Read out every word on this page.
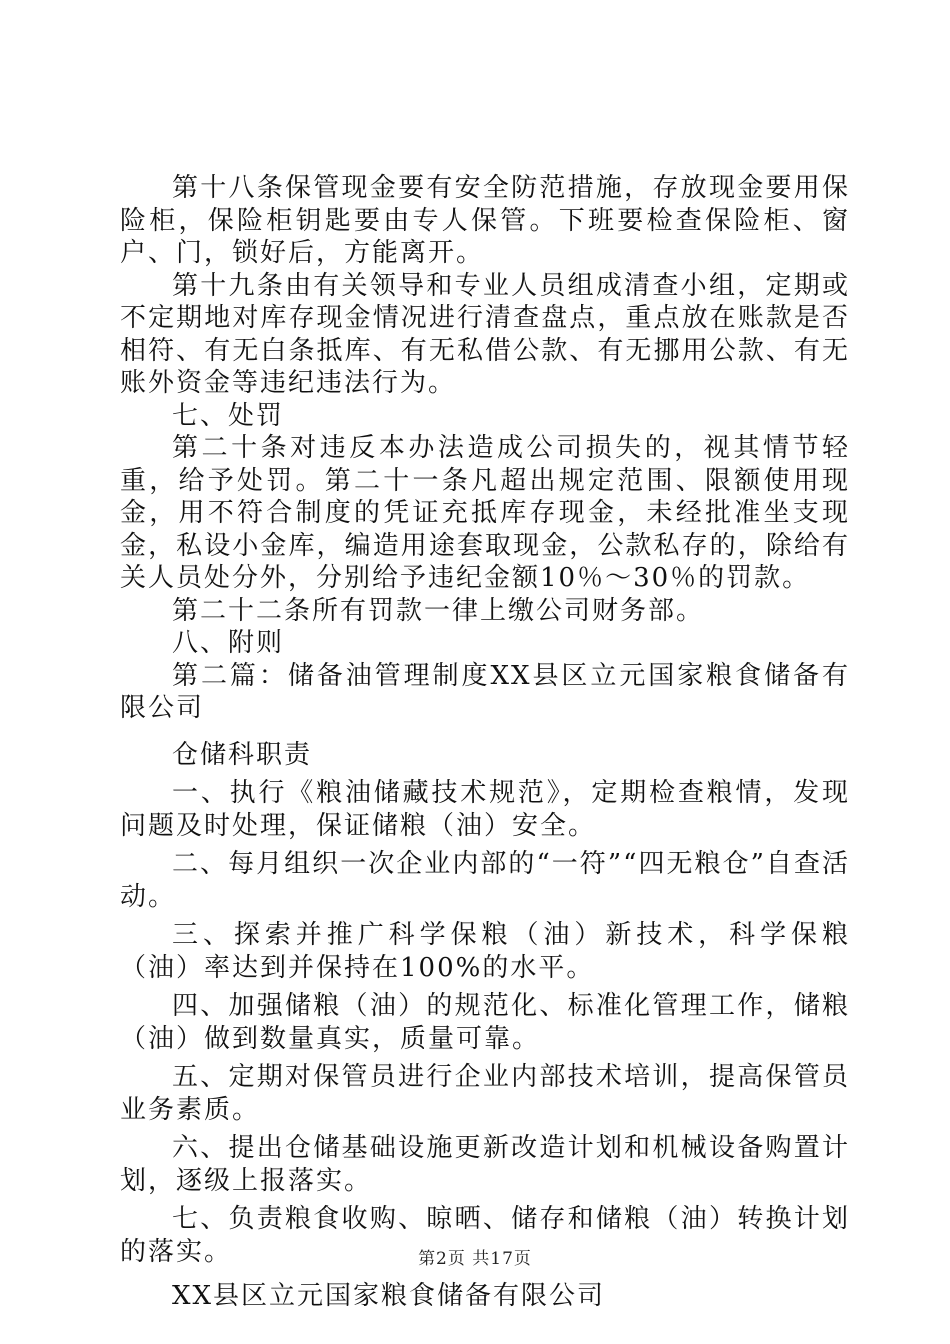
第十八条保管现金要有安全防范措施，存放现金要用保险柜，保险柜钥匙要由专人保管。下班要检查保险柜、窗户、门，锁好后，方能离开。

第十九条由有关领导和专业人员组成清查小组，定期或不定期地对库存现金情况进行清查盘点，重点放在账款是否相符、有无白条抵库、有无私借公款、有无挪用公款、有无账外资金等违纪违法行为。

七、处罚

第二十条对违反本办法造成公司损失的，视其情节轻重，给予处罚。第二十一条凡超出规定范围、限额使用现金，用不符合制度的凭证充抵库存现金，未经批准坐支现金，私设小金库，编造用途套取现金，公款私存的，除给有关人员处分外，分别给予违纪金额10％～30％的罚款。

第二十二条所有罚款一律上缴公司财务部。

八、附则

第二篇：储备油管理制度XX县区立元国家粮食储备有限公司

仓储科职责

一、执行《粮油储藏技术规范》，定期检查粮情，发现问题及时处理，保证储粮（油）安全。

二、每月组织一次企业内部的“一符”“四无粮仓”自查活动。

三、探索并推广科学保粮（油）新技术，科学保粮（油）率达到并保持在100%的水平。

四、加强储粮（油）的规范化、标准化管理工作，储粮（油）做到数量真实，质量可靠。

五、定期对保管员进行企业内部技术培训，提高保管员业务素质。

六、提出仓储基础设施更新改造计划和机械设备购置计划，逐级上报落实。

七、负责粮食收购、晾晒、储存和储粮（油）转换计划的落实。

XX县区立元国家粮食储备有限公司

第2页 共17页
